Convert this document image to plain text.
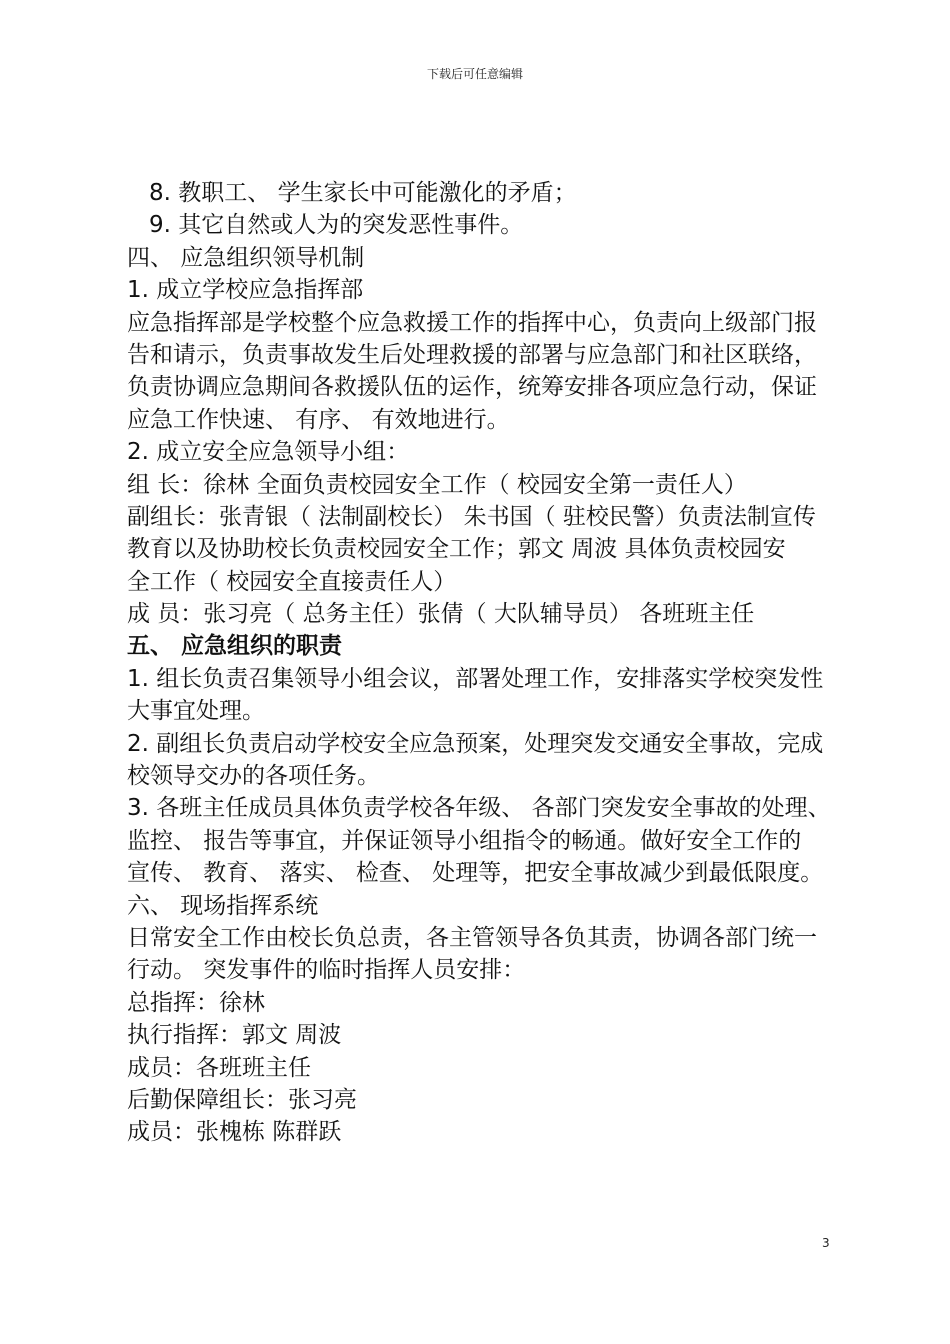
下载后可任意编辑
8. 教职工、 学生家长中可能激化的矛盾；
9. 其它自然或人为的突发恶性事件。
四、 应急组织领导机制
1. 成立学校应急指挥部
应急指挥部是学校整个应急救援工作的指挥中心，负责向上级部门报
告和请示，负责事故发生后处理救援的部署与应急部门和社区联络，
负责协调应急期间各救援队伍的运作，统筹安排各项应急行动，保证
应急工作快速、 有序、 有效地进行。
2. 成立安全应急领导小组：
组 长：徐林 全面负责校园安全工作（ 校园安全第一责任人）
副组长：张青银（ 法制副校长） 朱书国（ 驻校民警）负责法制宣传
教育以及协助校长负责校园安全工作；郭文 周波 具体负责校园安
全工作（ 校园安全直接责任人）
成 员：张习亮（ 总务主任）张倩（ 大队辅导员） 各班班主任
五、 应急组织的职责
1. 组长负责召集领导小组会议，部署处理工作，安排落实学校突发性
大事宜处理。
2. 副组长负责启动学校安全应急预案，处理突发交通安全事故，完成
校领导交办的各项任务。
3. 各班主任成员具体负责学校各年级、 各部门突发安全事故的处理、
监控、 报告等事宜，并保证领导小组指令的畅通。做好安全工作的
宣传、 教育、 落实、 检查、 处理等，把安全事故减少到最低限度。
六、 现场指挥系统
日常安全工作由校长负总责，各主管领导各负其责，协调各部门统一
行动。 突发事件的临时指挥人员安排：
总指挥：徐林
执行指挥：郭文 周波
成员：各班班主任
后勤保障组长：张习亮
成员：张槐栋 陈群跃
3
